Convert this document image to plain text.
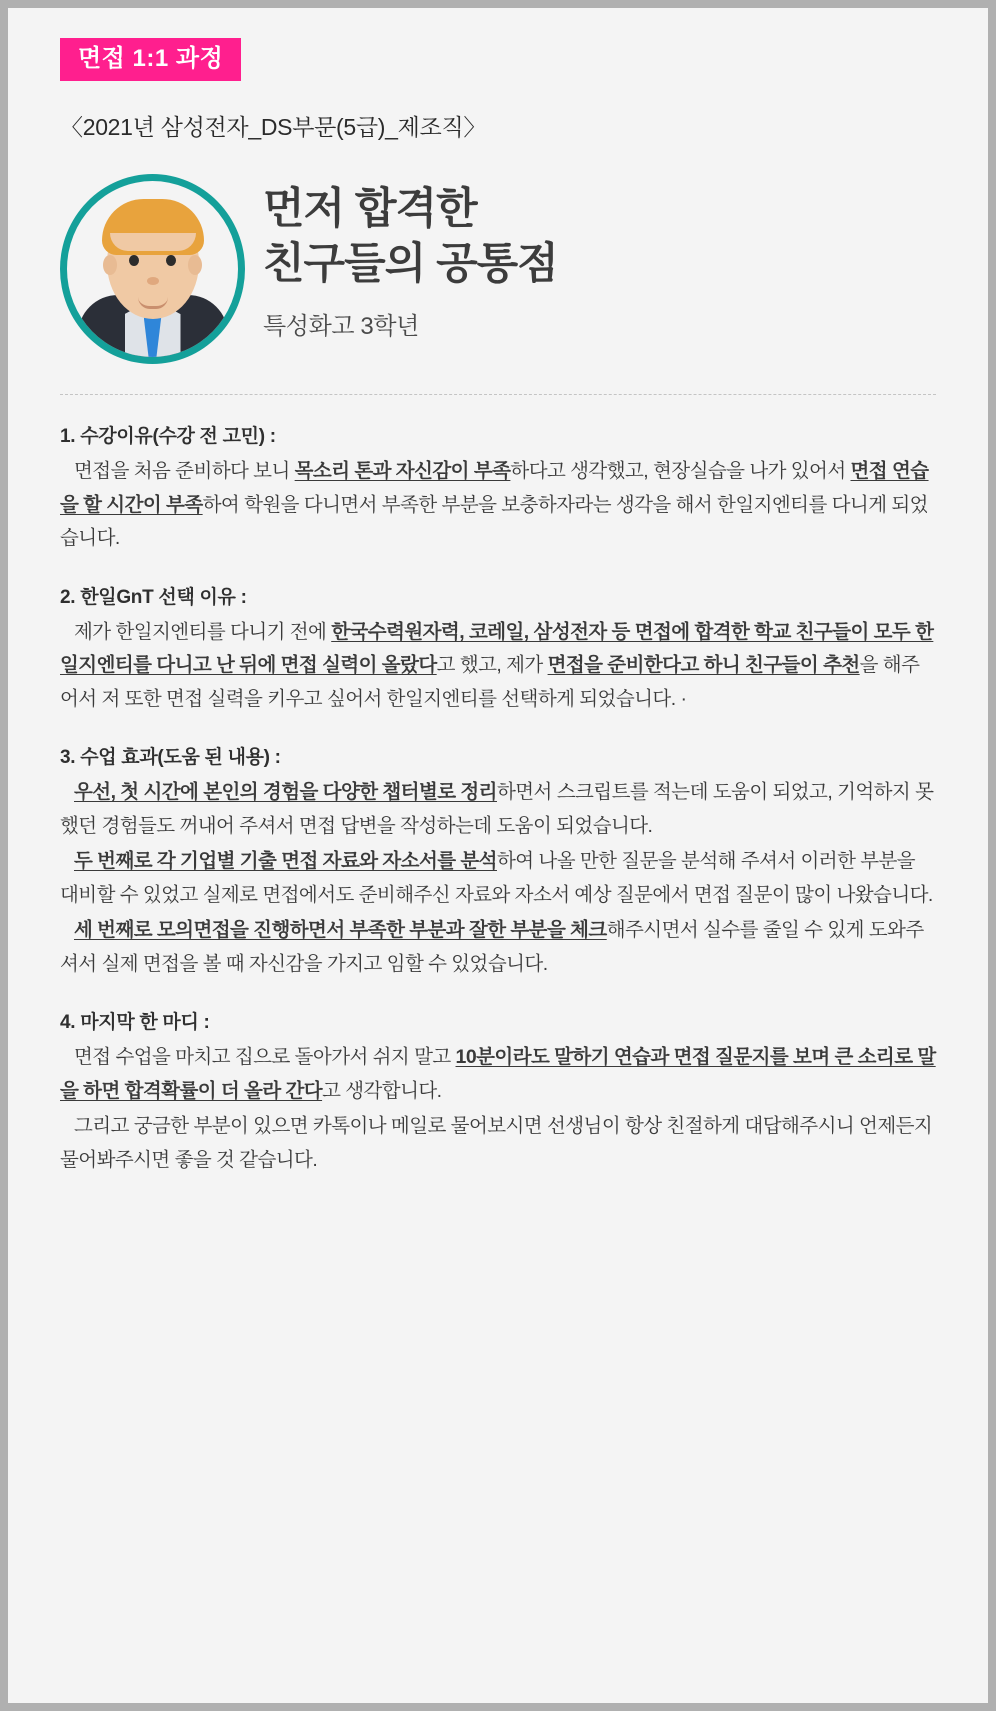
면접 1:1 과정
〈2021년 삼성전자_DS부문(5급)_제조직〉
먼저 합격한
친구들의 공통점
특성화고 3학년
1. 수강이유(수강 전 고민) :

면접을 처음 준비하다 보니 목소리 톤과 자신감이 부족하다고 생각했고, 현장실습을 나가 있어서 면접 연습을 할 시간이 부족하여 학원을 다니면서 부족한 부분을 보충하자라는 생각을 해서 한일지엔티를 다니게 되었습니다.

2. 한일GnT 선택 이유 :

제가 한일지엔티를 다니기 전에 한국수력원자력, 코레일, 삼성전자 등 면접에 합격한 학교 친구들이 모두 한일지엔티를 다니고 난 뒤에 면접 실력이 올랐다고 했고, 제가 면접을 준비한다고 하니 친구들이 추천을 해주어서 저 또한 면접 실력을 키우고 싶어서 한일지엔티를 선택하게 되었습니다. ·

3. 수업 효과(도움 된 내용) :

우선, 첫 시간에 본인의 경험을 다양한 챕터별로 정리하면서 스크립트를 적는데 도움이 되었고, 기억하지 못했던 경험들도 꺼내어 주셔서 면접 답변을 작성하는데 도움이 되었습니다.

두 번째로 각 기업별 기출 면접 자료와 자소서를 분석하여 나올 만한 질문을 분석해 주셔서 이러한 부분을 대비할 수 있었고 실제로 면접에서도 준비해주신 자료와 자소서 예상 질문에서 면접 질문이 많이 나왔습니다.

세 번째로 모의면접을 진행하면서 부족한 부분과 잘한 부분을 체크해주시면서 실수를 줄일 수 있게 도와주셔서 실제 면접을 볼 때 자신감을 가지고 임할 수 있었습니다.

4. 마지막 한 마디 :

면접 수업을 마치고 집으로 돌아가서 쉬지 말고 10분이라도 말하기 연습과 면접 질문지를 보며 큰 소리로 말을 하면 합격확률이 더 올라 간다고 생각합니다.

그리고 궁금한 부분이 있으면 카톡이나 메일로 물어보시면 선생님이 항상 친절하게 대답해주시니 언제든지 물어봐주시면 좋을 것 같습니다.
